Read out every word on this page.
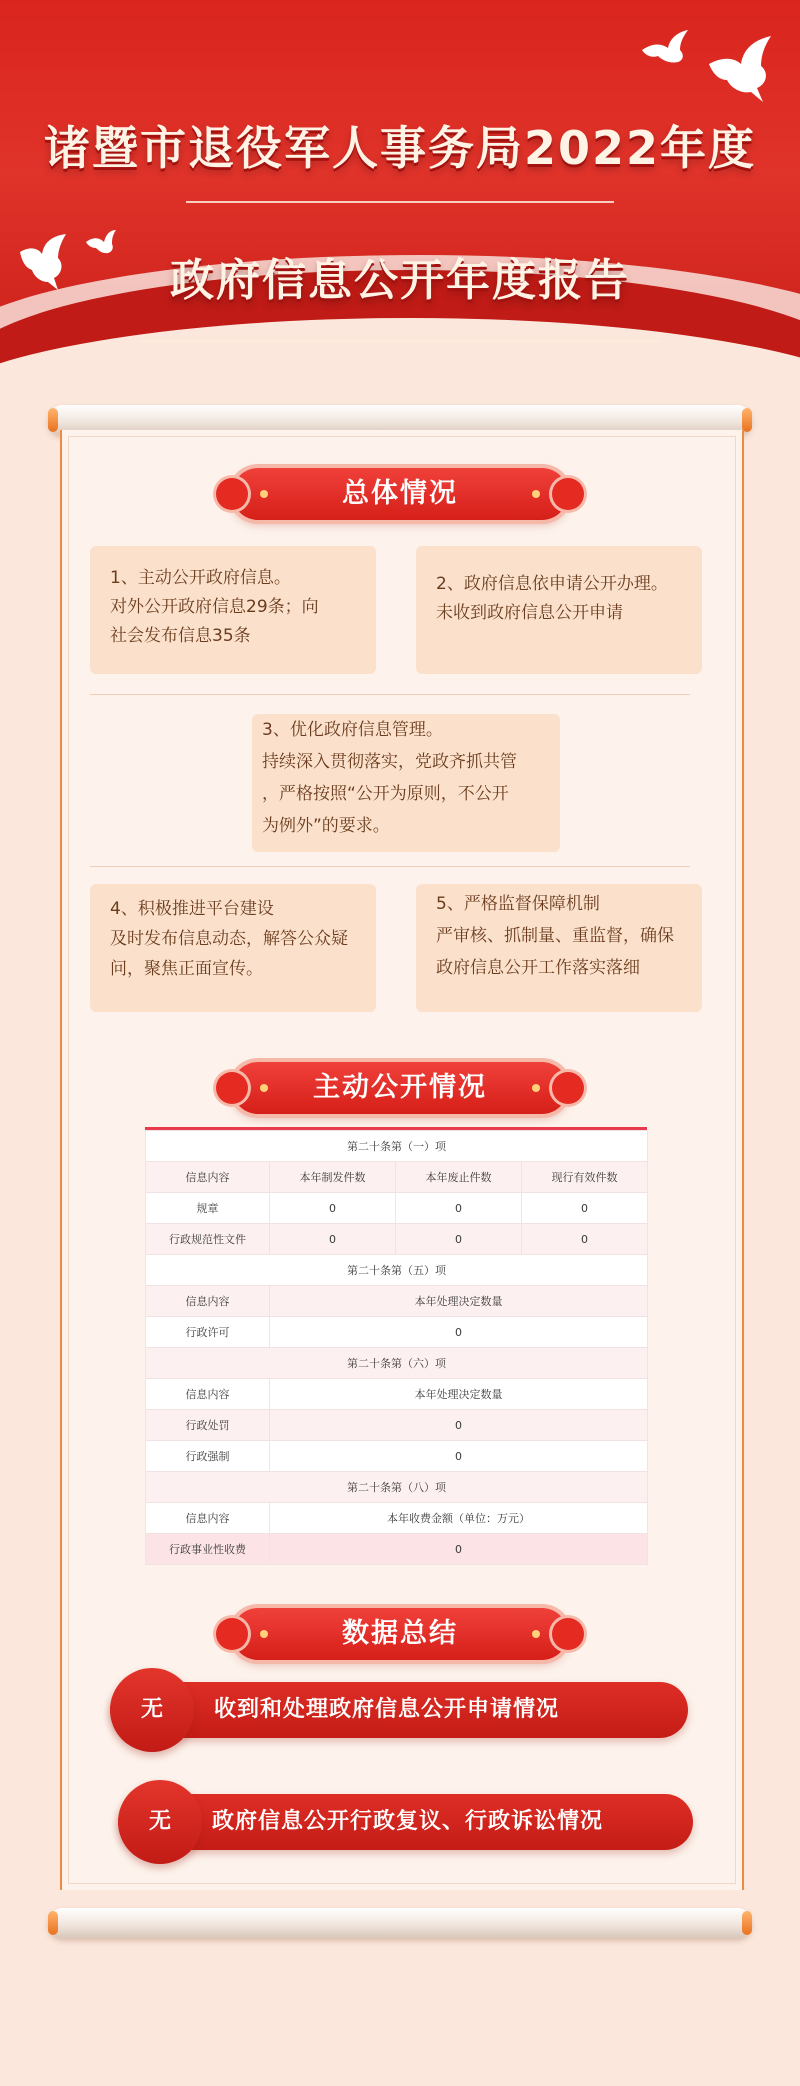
诸暨市退役军人事务局2022年度
政府信息公开年度报告
总体情况
1、主动公开政府信息。
对外公开政府信息29条；向
社会发布信息35条
2、政府信息依申请公开办理。
未收到政府信息公开申请
3、优化政府信息管理。
持续深入贯彻落实，党政齐抓共管
，严格按照“公开为原则，不公开
为例外”的要求。
4、积极推进平台建设
及时发布信息动态，解答公众疑
问，聚焦正面宣传。
5、严格监督保障机制
严审核、抓制量、重监督，确保
政府信息公开工作落实落细
主动公开情况
第二十条第（一）项			
信息内容	本年制发件数	本年废止件数	现行有效件数
规章	0	0	0
行政规范性文件	0	0	0
第二十条第（五）项			
信息内容	本年处理决定数量		
行政许可	0		
第二十条第（六）项			
信息内容	本年处理决定数量		
行政处罚	0		
行政强制	0		
第二十条第（八）项			
信息内容	本年收费金额（单位：万元）		
行政事业性收费	0		
数据总结
无	收到和处理政府信息公开申请情况
无	政府信息公开行政复议、行政诉讼情况
